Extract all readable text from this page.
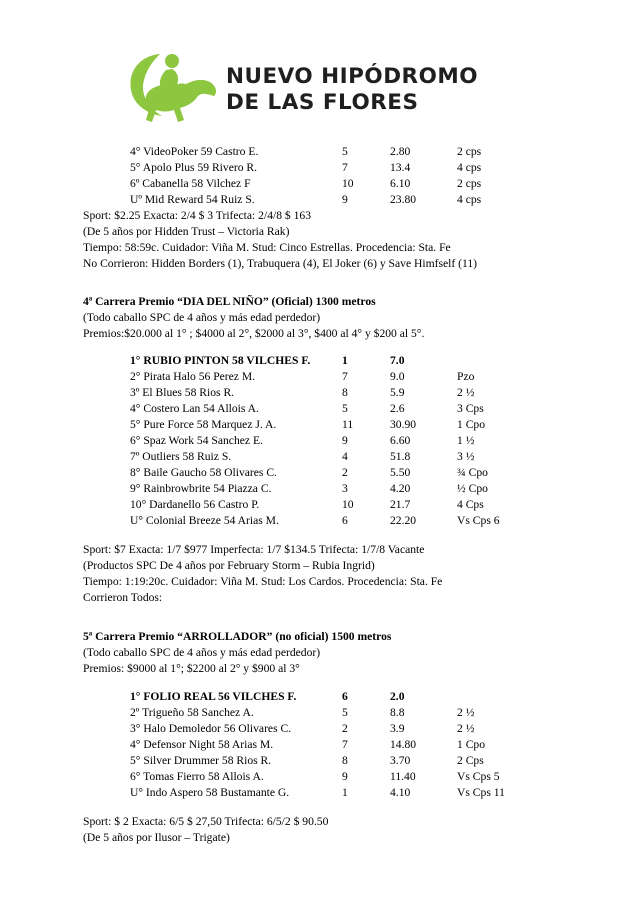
NUEVO HIPÓDROMO
DE LAS FLORES
4° VideoPoker 59 Castro E.	5	2.80	2 cps
5° Apolo Plus 59 Rivero R.	7	13.4	4 cps
6º Cabanella 58 Vilchez F	10	6.10	2 cps
Uº Mid Reward 54 Ruiz S.	9	23.80	4 cps
Sport: $2.25 Exacta: 2/4 $ 3 Trifecta: 2/4/8 $ 163
(De 5 años por Hidden Trust – Victoria Rak)
Tiempo: 58:59c. Cuidador: Viña M. Stud: Cinco Estrellas. Procedencia: Sta. Fe
No Corrieron: Hidden Borders (1), Trabuquera (4), El Joker (6) y Save Himfself (11)
4ª Carrera Premio “DIA DEL NIÑO” (Oficial) 1300 metros
(Todo caballo SPC de 4 años y más edad perdedor)
Premios:$20.000 al 1° ; $4000 al 2°, $2000 al 3°, $400 al 4° y $200 al 5°.
1° RUBIO PINTON 58 VILCHES F.	1	7.0
2° Pirata Halo 56 Perez M.	7	9.0	Pzo
3º El Blues 58 Rios R.	8	5.9	2 ½
4° Costero Lan 54 Allois A.	5	2.6	3 Cps
5° Pure Force 58 Marquez J. A.	11	30.90	1 Cpo
6° Spaz Work 54 Sanchez E.	9	6.60	1 ½
7º Outliers 58 Ruiz S.	4	51.8	3 ½
8° Baile Gaucho 58 Olivares C.	2	5.50	¾ Cpo
9° Rainbrowbrite 54 Piazza C.	3	4.20	½ Cpo
10° Dardanello 56 Castro P.	10	21.7	4 Cps
U° Colonial Breeze 54 Arias M.	6	22.20	Vs Cps 6
Sport: $7 Exacta: 1/7 $977 Imperfecta: 1/7 $134.5 Trifecta: 1/7/8 Vacante
(Productos SPC De 4 años por February Storm – Rubia Ingrid)
Tiempo: 1:19:20c. Cuidador: Viña M. Stud: Los Cardos. Procedencia: Sta. Fe
Corrieron Todos:
5ª Carrera Premio “ARROLLADOR” (no oficial) 1500 metros
(Todo caballo SPC de 4 años y más edad perdedor)
Premios: $9000 al 1°; $2200 al 2° y $900 al 3°
1° FOLIO REAL 56 VILCHES F.	6	2.0
2º Trigueño 58 Sanchez A.	5	8.8	2 ½
3° Halo Demoledor 56 Olivares C.	2	3.9	2 ½
4° Defensor Night 58 Arias M.	7	14.80	1 Cpo
5° Silver Drummer 58 Rios R.	8	3.70	2 Cps
6° Tomas Fierro 58 Allois A.	9	11.40	Vs Cps 5
U° Indo Aspero 58 Bustamante G.	1	4.10	Vs Cps 11
Sport: $ 2 Exacta: 6/5 $ 27,50 Trifecta: 6/5/2 $ 90.50
(De 5 años por Ilusor – Trigate)
